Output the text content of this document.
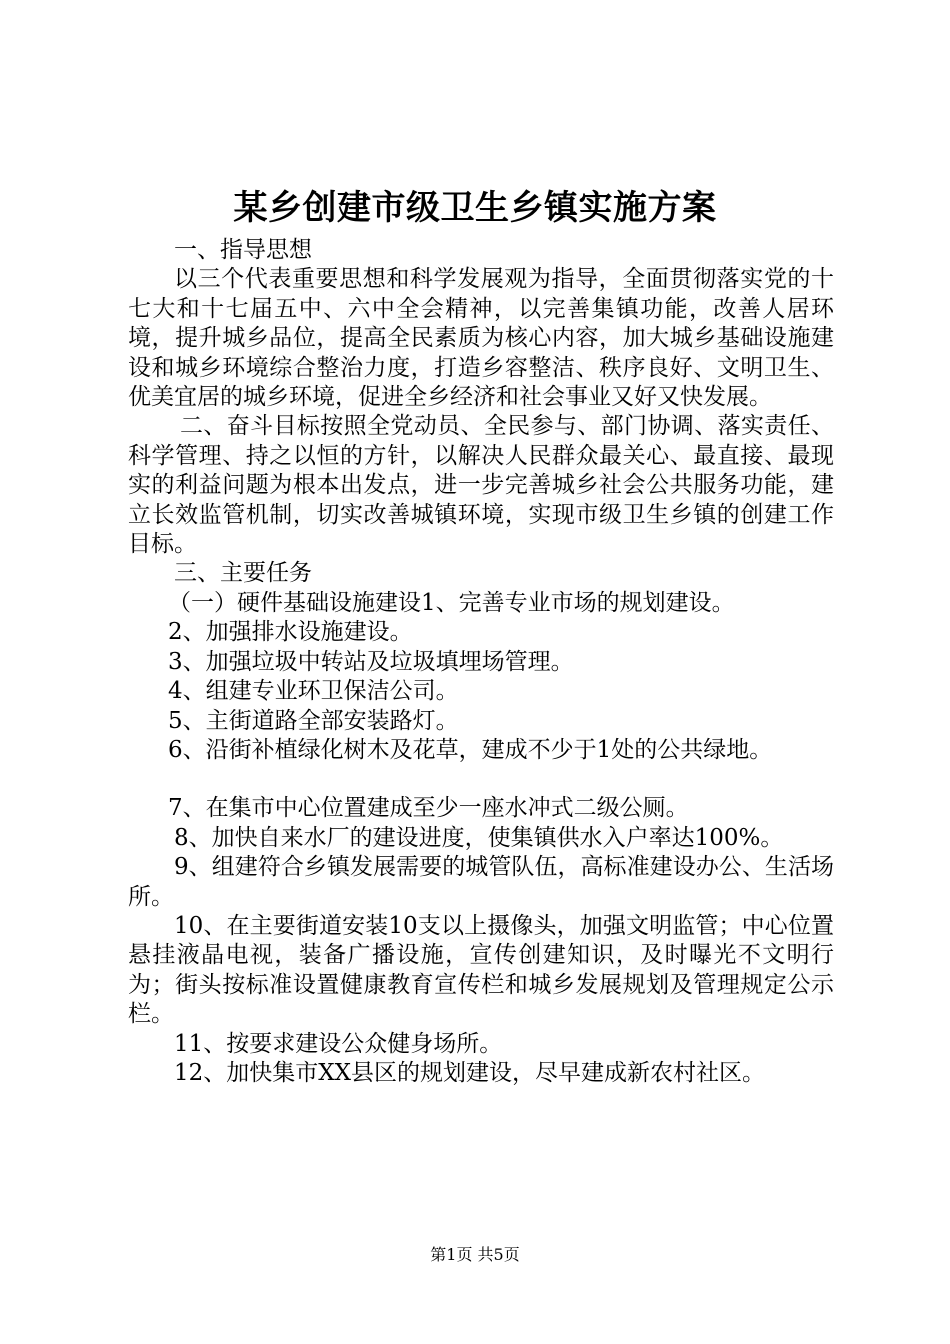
某乡创建市级卫生乡镇实施方案

一、指导思想

以三个代表重要思想和科学发展观为指导，全面贯彻落实党的十七大和十七届五中、六中全会精神，以完善集镇功能，改善人居环境，提升城乡品位，提高全民素质为核心内容，加大城乡基础设施建设和城乡环境综合整治力度，打造乡容整洁、秩序良好、文明卫生、优美宜居的城乡环境，促进全乡经济和社会事业又好又快发展。

二、奋斗目标按照全党动员、全民参与、部门协调、落实责任、科学管理、持之以恒的方针，以解决人民群众最关心、最直接、最现实的利益问题为根本出发点，进一步完善城乡社会公共服务功能，建立长效监管机制，切实改善城镇环境，实现市级卫生乡镇的创建工作目标。

三、主要任务

（一）硬件基础设施建设1、完善专业市场的规划建设。

2、加强排水设施建设。

3、加强垃圾中转站及垃圾填埋场管理。

4、组建专业环卫保洁公司。

5、主街道路全部安装路灯。

6、沿街补植绿化树木及花草，建成不少于1处的公共绿地。

7、在集市中心位置建成至少一座水冲式二级公厕。

8、加快自来水厂的建设进度，使集镇供水入户率达100%。

9、组建符合乡镇发展需要的城管队伍，高标准建设办公、生活场所。

10、在主要街道安装10支以上摄像头，加强文明监管；中心位置悬挂液晶电视，装备广播设施，宣传创建知识，及时曝光不文明行为；街头按标准设置健康教育宣传栏和城乡发展规划及管理规定公示栏。

11、按要求建设公众健身场所。

12、加快集市XX县区的规划建设，尽早建成新农村社区。

第1页 共5页
